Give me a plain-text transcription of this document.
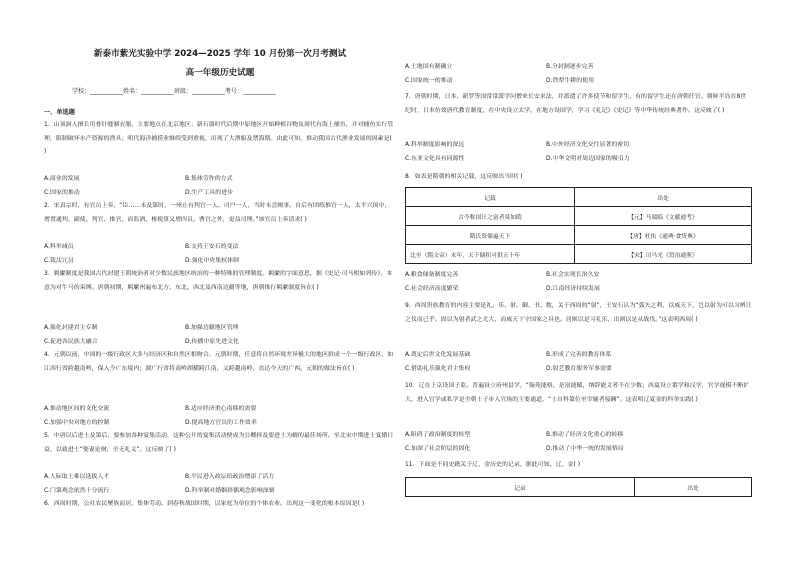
新泰市紫光实验中学 2024—2025 学年 10 月份第一次月考测试
高一年级历史试题
学校：___________姓名：___________班级：___________考号：___________
一、单选题
1．山顶洞人擅长用骨针缝制衣服，主要地点在北京地区；新石器时代后期中原地区开始种植谷物及周代有海上捕鱼，并对捕鱼实行管理，限制破坏水产资源的渔具；明代海洋捕捞业继续受到重视，出现了大渔船及禁海期。由此可知，推动我国古代渔业发展的因素是( )
A.商业的发展	B.集体劳作的方式
C.国家的推动	D.生产工具的进步
2．宋真宗时，有官员上奏，“臣……未及第时，一州止有判官一人、司户一人，当时未尝阙事。自后有团练推官一人，太平兴国中，增置通判、副使、判官、推官，而监酒、榷税算又增四员。曹官之外，更益司理。”该官员上奏请求( )
A.科举减员	B.支持王安石的变法
C.裁汰冗员	D.强化中央集权体制
3．羁縻制度是我国古代封建王朝统治者对少数民族地区统治的一种特殊的管理制度。羁縻的字面意思，据《史记·司马相如列传》，本意为对牛马的束缚。唐朝初期，羁縻州遍布北方、东北、西北及西南边疆等地，唐朝推行羁縻制度旨在( )
A.强化封建君主专制	B.加强边疆地区管理
C.促进各民族大融合	D.传播中原先进文化
4．元朝以前，中国的一级行政区大多与经济区和自然区相吻合。元朝时期，任意将自然环境差异极大的地区拼成一个一级行政区，如江西行省跨越南岭，保入今广东境内；湖广行省将南岭湖横跨江南，又跨越南岭，直达今天的广西。元朝的做法旨在( )
A.推动地区间的文化交流	B.适应经济重心南移的需要
C.加强中央对地方的控制	D.提高地方官员的工作效率
5．中唐以后进士及第后，要参加各种宴集活动，这种公开的宴集活动便成为公卿择及要进士为婿的最佳场所。至北宋中期进士宴婚日益，以致进士“娶妻论财，全无礼义”。这反映了( )
A.人际取士难以选拔人才	B.平民进入政坛给政治增添了活力
C.门第观念依然十分流行	D.科举制对婚姻择偶观念影响深刻
6．西周时期，公社农民聚族而居，集体劳动。到春秋战国时期，以家庭为单位的个体农业。出现这一变化的根本原因是( )
A.土地国有制确立	B.分封制逐步完善
C.国家统一的推动	D.铁犁牛耕的使用
7．唐朝时期，日本、新罗等国常常派学问僧来长安求法，并派遣了许多使节和留学生，有的留学生还在唐朝任官。朝鲜半岛在8世纪时，日本仿效唐代教育制度，在中央设立太学，在地方设国学，学习《礼记》《史记》等中华传统经典著作。这反映了( )
A.科举制度影响的深远	B.中外经济文化交往显著的密切
C.东亚文化具有同源性	D.中华文明对周边国家的吸引力
8．如表是隋朝的相关记载，这反映出当时( )
记载	出处
古今称国计之富者莫如隋	【元】马端临《文献通考》
隋氏资储遍天下	【唐】杜佑《通典·食货典》
比至（隋文帝）末年，天下储积可供五十年	【宋】司马光《资治通鉴》
A.粮食储备制度完善	B.社会实现长治久安
C.社会经济高度繁荣	D.江南经济持续发展
9．西周贵族教育的内容主要是礼、乐、射、御、书、数，关于西周的“射”，王安石认为“弧矢之利，以威天下，岂以射为可以习辨让之仪而已乎。固以为射者武之尤大，而威天下守国家之具也。居则以是习礼乐，出则以是从战伐。”这表明西周( )
A.奠定后世文化发展基础	B.形成了完善的教育体系
C.借助礼乐强化君主集权	D.射艺教育服务军事需要
10．辽在上京设国子监，普遍设立府州县学，“翰苑能格，是富能赋，纳辞能文者不在少数；西夏设立番学和汉学，官学视模不断扩大，进入官学或私学是全朝士子步入官场的主要通道，“士自科第位至宰辅者接踵”。这表明辽夏金的科举实践( )
A.阻碍了政治制度的转型	B.推动了经济文化重心的转移
C.加深了社会阶层的固化	D.推动了中华一统的发展格局
11．下面是不同史籍关于辽、金历史的记录，据此可知，辽、金( )
记录	出处
